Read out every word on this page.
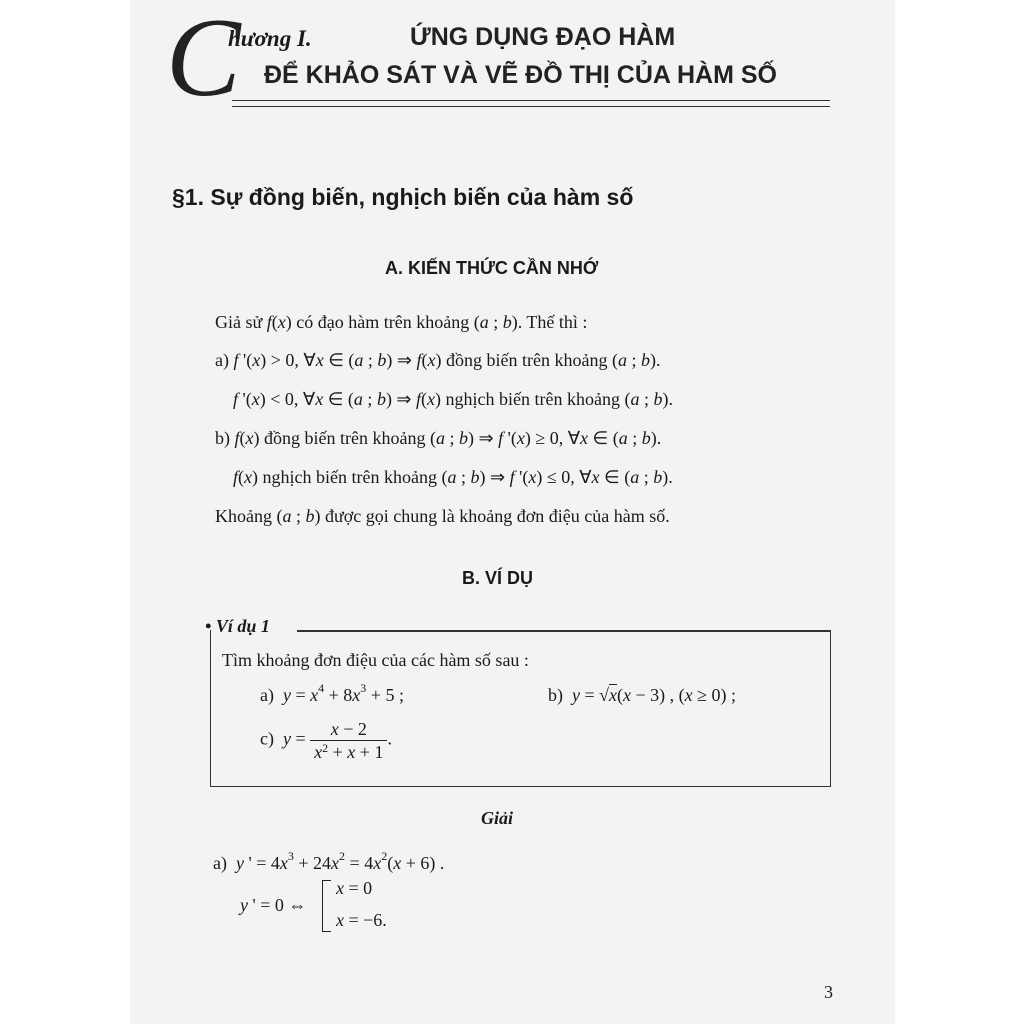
C
hương I.	ỨNG DỤNG ĐẠO HÀM
ĐỂ KHẢO SÁT VÀ VẼ ĐỒ THỊ CỦA HÀM SỐ
§1. Sự đồng biến, nghịch biến của hàm số
A. KIẾN THỨC CẦN NHỚ
Giả sử f(x) có đạo hàm trên khoảng (a ; b). Thế thì :
a) f '(x) > 0, ∀x ∈ (a ; b) ⇒ f(x) đồng biến trên khoảng (a ; b).
f '(x) < 0, ∀x ∈ (a ; b) ⇒ f(x) nghịch biến trên khoảng (a ; b).
b) f(x) đồng biến trên khoảng (a ; b) ⇒ f '(x) ≥ 0, ∀x ∈ (a ; b).
f(x) nghịch biến trên khoảng (a ; b) ⇒ f '(x) ≤ 0, ∀x ∈ (a ; b).
Khoảng (a ; b) được gọi chung là khoảng đơn điệu của hàm số.
B. VÍ DỤ
• Ví dụ 1
Tìm khoảng đơn điệu của các hàm số sau :
a)  $y = x^4 + 8x^3 + 5$ ;	b)  y = √x(x − 3) , (x ≥ 0) ;
c)  $y = \frac{x - 2}{x^2 + x + 1}$ .
Giải
a)  y ' = $4x^3 + 24x^2 = 4x^2(x + 6)$ .
y ' = 0 ⇔
x = 0
x = −6.
3
